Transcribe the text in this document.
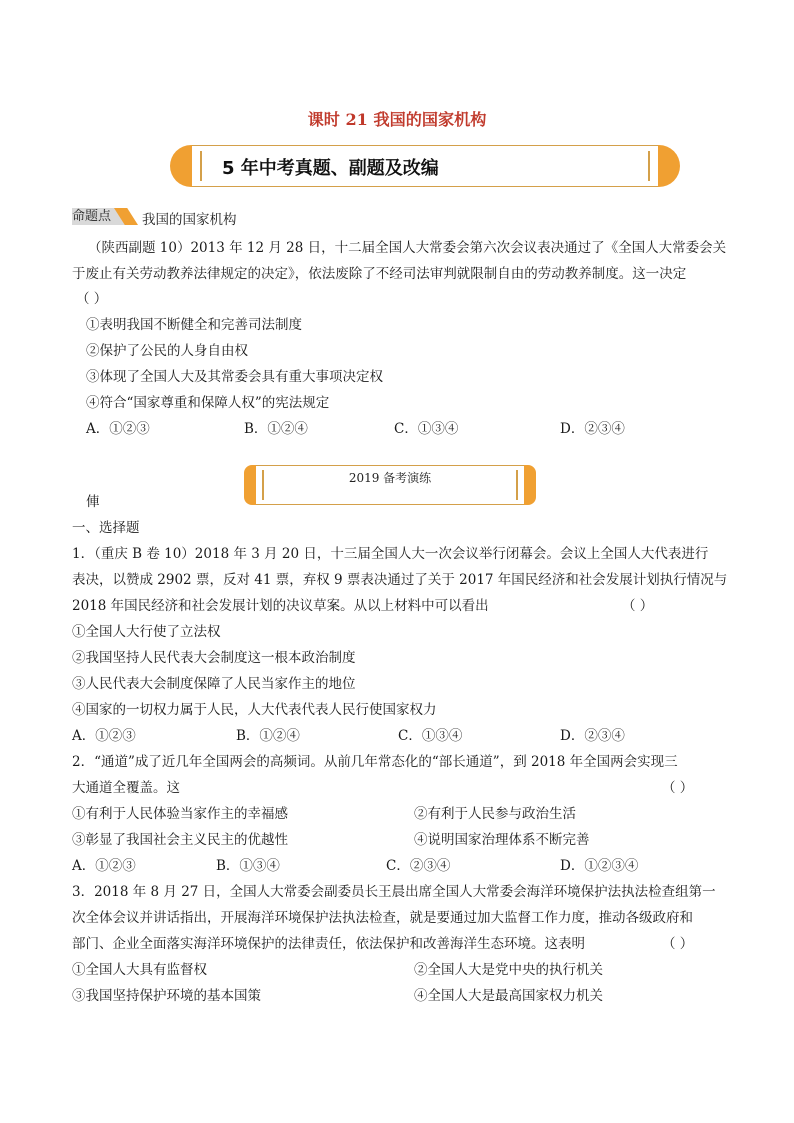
课时 21 我国的国家机构
5 年中考真题、副题及改编
命题点 我国的国家机构
（陕西副题 10）2013 年 12 月 28 日，十二届全国人大常委会第六次会议表决通过了《全国人大常委会关
于废止有关劳动教养法律规定的决定》，依法废除了不经司法审判就限制自由的劳动教养制度。这一决定
（ ）
①表明我国不断健全和完善司法制度
②保护了公民的人身自由权
③体现了全国人大及其常委会具有重大事项决定权
④符合“国家尊重和保障人权”的宪法规定
A．①②③	B．①②④	C．①③④	D．②③④
2019 备考演练
俥
一、选择题
1．（重庆 B 卷 10）2018 年 3 月 20 日，十三届全国人大一次会议举行闭幕会。会议上全国人大代表进行
表决，以赞成 2902 票，反对 41 票，弃权 9 票表决通过了关于 2017 年国民经济和社会发展计划执行情况与
2018 年国民经济和社会发展计划的决议草案。从以上材料中可以看出	（ ）
①全国人大行使了立法权
②我国坚持人民代表大会制度这一根本政治制度
③人民代表大会制度保障了人民当家作主的地位
④国家的一切权力属于人民，人大代表代表人民行使国家权力
A．①②③	B．①②④	C．①③④	D．②③④
2．“通道”成了近几年全国两会的高频词。从前几年常态化的“部长通道”，到 2018 年全国两会实现三
大通道全覆盖。这	（ ）
①有利于人民体验当家作主的幸福感	②有利于人民参与政治生活
③彰显了我国社会主义民主的优越性	④说明国家治理体系不断完善
A．①②③	B．①③④	C．②③④	D．①②③④
3．2018 年 8 月 27 日，全国人大常委会副委员长王晨出席全国人大常委会海洋环境保护法执法检查组第一
次全体会议并讲话指出，开展海洋环境保护法执法检查，就是要通过加大监督工作力度，推动各级政府和
部门、企业全面落实海洋环境保护的法律责任，依法保护和改善海洋生态环境。这表明	（ ）
①全国人大具有监督权	②全国人大是党中央的执行机关
③我国坚持保护环境的基本国策	④全国人大是最高国家权力机关
